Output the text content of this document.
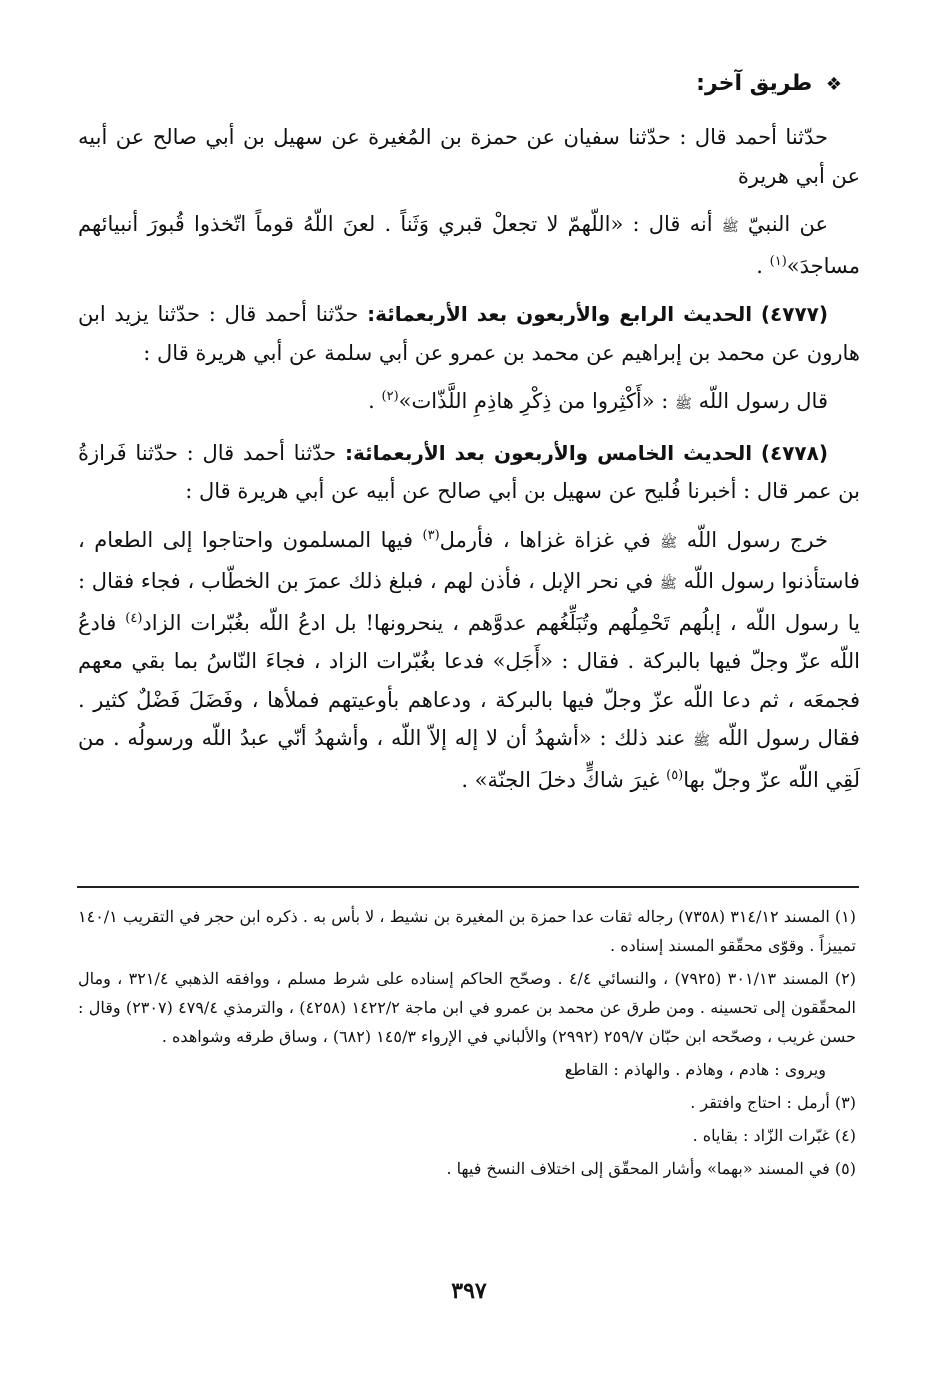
❖ طريق آخر:

حدّثنا أحمد قال : حدّثنا سفيان عن حمزة بن المُغيرة عن سهيل بن أبي صالح عن أبيه عن أبي هريرة

عن النبيّ ﷺ أنه قال : «اللّهمّ لا تجعلْ قبري وَثَناً . لعنَ اللّهُ قوماً اتّخذوا قُبورَ أنبيائهم مساجدَ»$^{(١)}$ .

(٤٧٧٧) الحديث الرابع والأربعون بعد الأربعمائة: حدّثنا أحمد قال : حدّثنا يزيد ابن هارون عن محمد بن إبراهيم عن محمد بن عمرو عن أبي سلمة عن أبي هريرة قال :

قال رسول اللّه ﷺ : «أَكْثِروا من ذِكْرِ هاذِمِ اللَّذّات»$^{(٢)}$ .

(٤٧٧٨) الحديث الخامس والأربعون بعد الأربعمائة: حدّثنا أحمد قال : حدّثنا فَرازةُ بن عمر قال : أخبرنا فُليح عن سهيل بن أبي صالح عن أبيه عن أبي هريرة قال :

خرج رسول اللّه ﷺ في غزاة غزاها ، فأرمل$^{(٣)}$ فيها المسلمون واحتاجوا إلى الطعام ، فاستأذنوا رسول اللّه ﷺ في نحر الإبل ، فأذن لهم ، فبلغ ذلك عمرَ بن الخطّاب ، فجاء فقال : يا رسول اللّه ، إبلُهم تَحْمِلُهم وتُبَلِّغُهم عدوَّهم ، ينحرونها! بل ادعُ اللّه بغُبّرات الزاد$^{(٤)}$ فادعُ اللّه عزّ وجلّ فيها بالبركة . فقال : «أَجَل» فدعا بغُبّرات الزاد ، فجاءَ النّاسُ بما بقي معهم فجمعَه ، ثم دعا اللّه عزّ وجلّ فيها بالبركة ، ودعاهم بأوعيتهم فملأها ، وفَضَلَ فَضْلٌ كثير . فقال رسول اللّه ﷺ عند ذلك : «أشهدُ أن لا إله إلاّ اللّه ، وأشهدُ أنّي عبدُ اللّه ورسولُه . من لَقِي اللّه عزّ وجلّ بها$^{(٥)}$ غيرَ شاكٍّ دخلَ الجنّة» .

(١) المسند ٣١٤/١٢ (٧٣٥٨) رجاله ثقات عدا حمزة بن المغيرة بن نشيط ، لا بأس به . ذكره ابن حجر في التقريب ١٤٠/١ تمييزاً . وقوّى محقّقو المسند إسناده .

(٢) المسند ٣٠١/١٣ (٧٩٢٥) ، والنسائي ٤/٤ . وصحّح الحاكم إسناده على شرط مسلم ، ووافقه الذهبي ٣٢١/٤ ، ومال المحقّقون إلى تحسينه . ومن طرق عن محمد بن عمرو في ابن ماجة ١٤٢٢/٢ (٤٢٥٨) ، والترمذي ٤٧٩/٤ (٢٣٠٧) وقال : حسن غريب ، وصحّحه ابن حبّان ٢٥٩/٧ (٢٩٩٢) والألباني في الإرواء ١٤٥/٣ (٦٨٢) ، وساق طرقه وشواهده .

ويروى : هادم ، وهاذم . والهاذم : القاطع

(٣) أرمل : احتاج وافتقر .

(٤) غبّرات الزّاد : بقاياه .

(٥) في المسند «بهما» وأشار المحقّق إلى اختلاف النسخ فيها .

٣٩٧
